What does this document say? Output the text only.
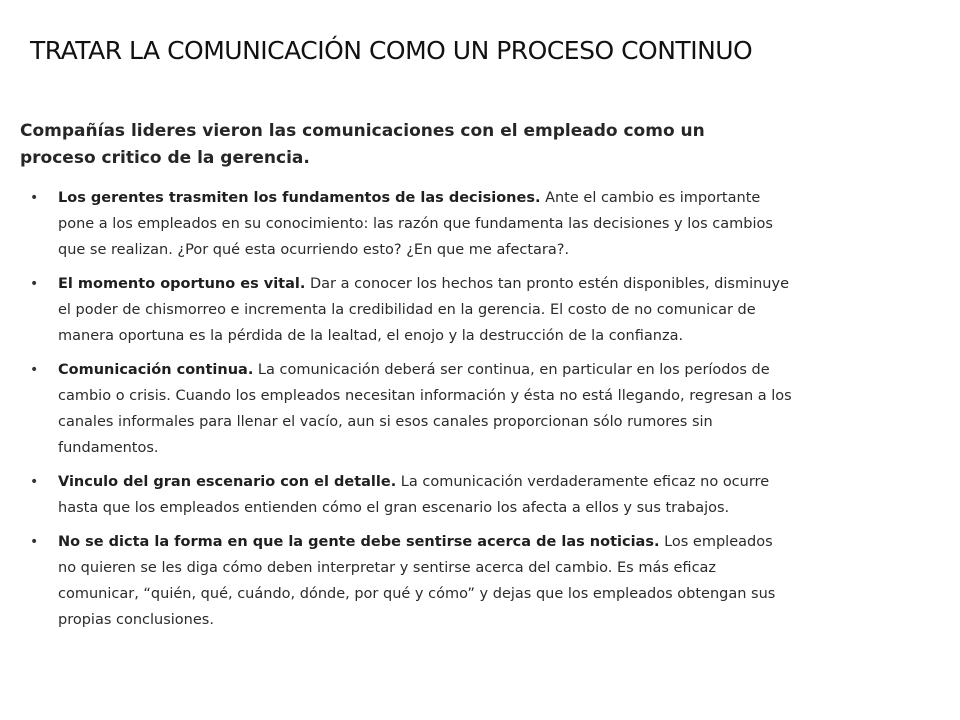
TRATAR LA COMUNICACIÓN COMO UN PROCESO CONTINUO
Compañías lideres vieron las comunicaciones con el empleado como un proceso critico de la gerencia.
• Los gerentes trasmiten los fundamentos de las decisiones. Ante el cambio es importante pone a los empleados en su conocimiento: las razón que fundamenta las decisiones y los cambios que se realizan. ¿Por qué esta ocurriendo esto? ¿En que me afectara?.
• El momento oportuno es vital. Dar a conocer los hechos tan pronto estén disponibles, disminuye el poder de chismorreo e incrementa la credibilidad en la gerencia. El costo de no comunicar de manera oportuna es la pérdida de la lealtad, el enojo y la destrucción de la confianza.
• Comunicación continua. La comunicación deberá ser continua, en particular en los períodos de cambio o crisis. Cuando los empleados necesitan información y ésta no está llegando, regresan a los canales informales para llenar el vacío, aun si esos canales proporcionan sólo rumores sin fundamentos.
• Vinculo del gran escenario con el detalle. La comunicación verdaderamente eficaz no ocurre hasta que los empleados entienden cómo el gran escenario los afecta a ellos y sus trabajos.
• No se dicta la forma en que la gente debe sentirse acerca de las noticias. Los empleados no quieren se les diga cómo deben interpretar y sentirse acerca del cambio. Es más eficaz comunicar, “quién, qué, cuándo, dónde, por qué y cómo” y dejas que los empleados obtengan sus propias conclusiones.
